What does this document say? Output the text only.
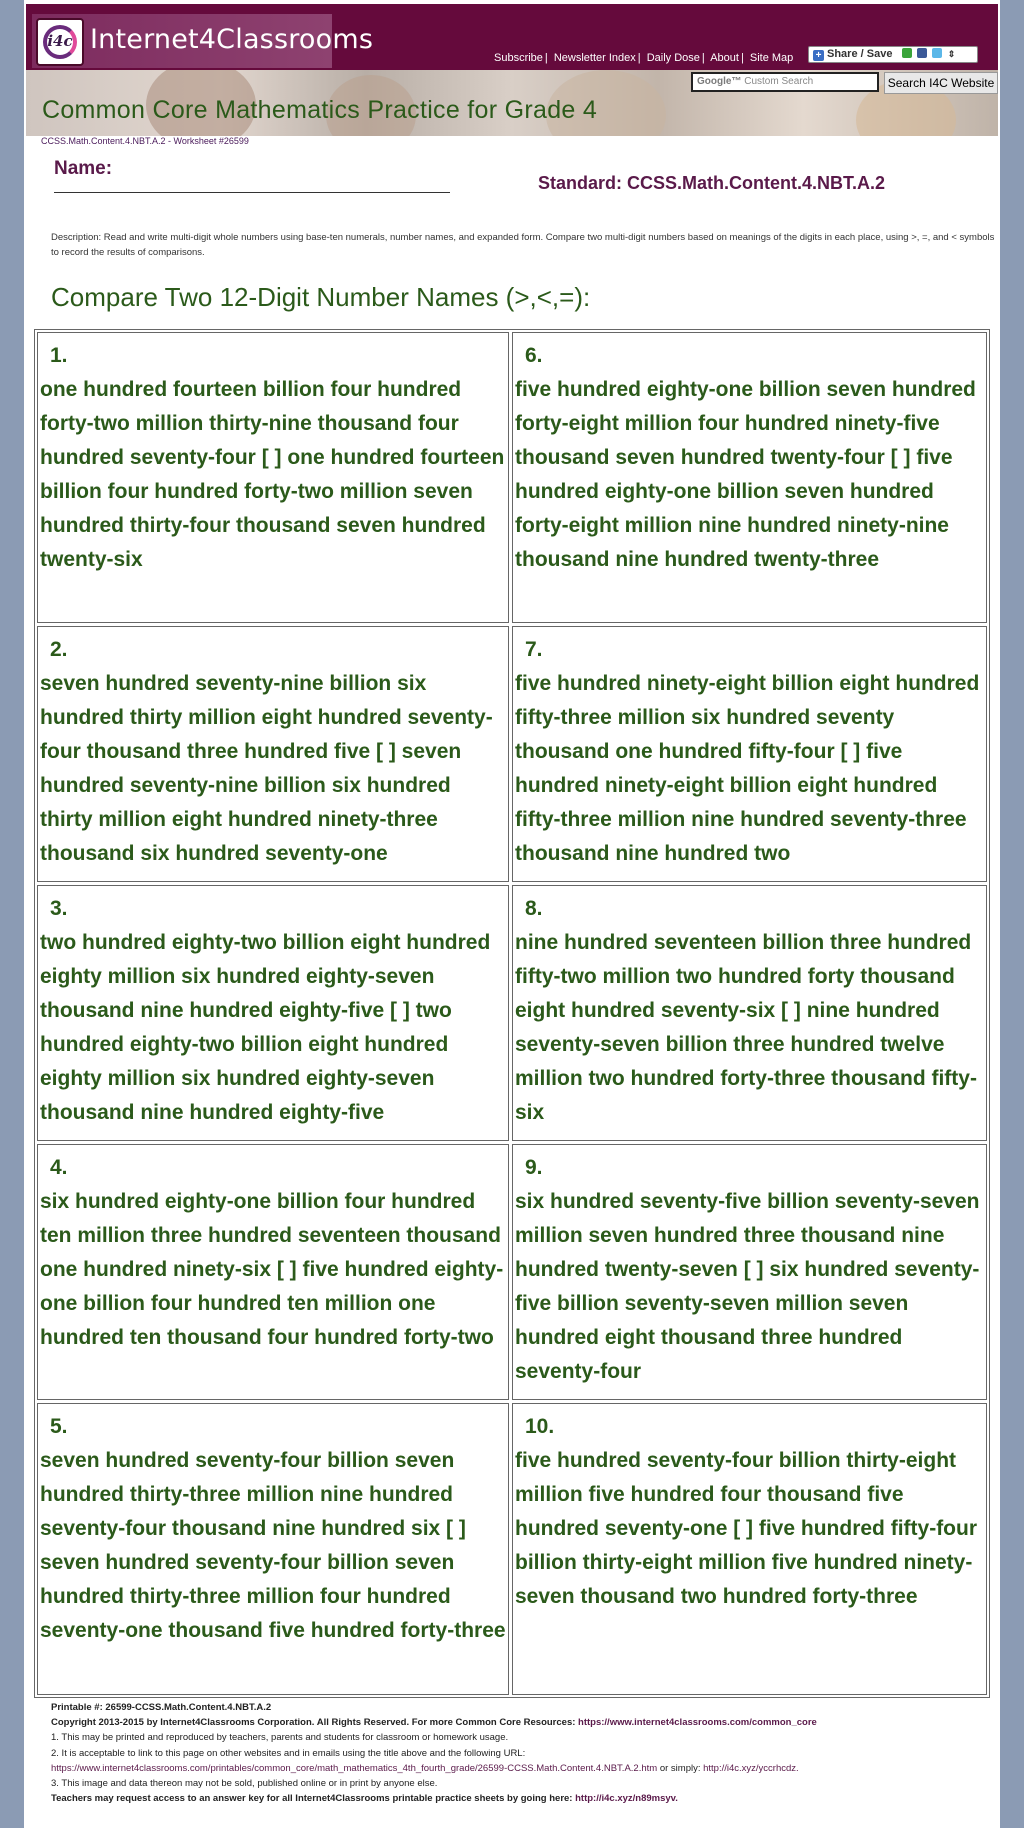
i4c Internet4Classrooms
Subscribe | Newsletter Index | Daily Dose | About | Site Map	+ Share / Save	⇕
Google™ Custom Search	Search I4C Website
Common Core Mathematics Practice for Grade 4
CCSS.Math.Content.4.NBT.A.2 - Worksheet #26599
Name:
Standard: CCSS.Math.Content.4.NBT.A.2
Description: Read and write multi-digit whole numbers using base-ten numerals, number names, and expanded form. Compare two multi-digit numbers based on meanings of the digits in each place, using >, =, and < symbols to record the results of comparisons.
Compare Two 12-Digit Number Names (>,<,=):
1.
one hundred fourteen billion four hundred forty-two million thirty-nine thousand four hundred seventy-four [ ] one hundred fourteen billion four hundred forty-two million seven hundred thirty-four thousand seven hundred twenty-six
2.
seven hundred seventy-nine billion six hundred thirty million eight hundred seventy-four thousand three hundred five [ ] seven hundred seventy-nine billion six hundred thirty million eight hundred ninety-three thousand six hundred seventy-one
3.
two hundred eighty-two billion eight hundred eighty million six hundred eighty-seven thousand nine hundred eighty-five [ ] two hundred eighty-two billion eight hundred eighty million six hundred eighty-seven thousand nine hundred eighty-five
4.
six hundred eighty-one billion four hundred ten million three hundred seventeen thousand one hundred ninety-six [ ] five hundred eighty-one billion four hundred ten million one hundred ten thousand four hundred forty-two
5.
seven hundred seventy-four billion seven hundred thirty-three million nine hundred seventy-four thousand nine hundred six [ ] seven hundred seventy-four billion seven hundred thirty-three million four hundred seventy-one thousand five hundred forty-three
6.
five hundred eighty-one billion seven hundred forty-eight million four hundred ninety-five thousand seven hundred twenty-four [ ] five hundred eighty-one billion seven hundred forty-eight million nine hundred ninety-nine thousand nine hundred twenty-three
7.
five hundred ninety-eight billion eight hundred fifty-three million six hundred seventy thousand one hundred fifty-four [ ] five hundred ninety-eight billion eight hundred fifty-three million nine hundred seventy-three thousand nine hundred two
8.
nine hundred seventeen billion three hundred fifty-two million two hundred forty thousand eight hundred seventy-six [ ] nine hundred seventy-seven billion three hundred twelve million two hundred forty-three thousand fifty-six
9.
six hundred seventy-five billion seventy-seven million seven hundred three thousand nine hundred twenty-seven [ ] six hundred seventy-five billion seventy-seven million seven hundred eight thousand three hundred seventy-four
10.
five hundred seventy-four billion thirty-eight million five hundred four thousand five hundred seventy-one [ ] five hundred fifty-four billion thirty-eight million five hundred ninety-seven thousand two hundred forty-three
Printable #: 26599-CCSS.Math.Content.4.NBT.A.2
Copyright 2013-2015 by Internet4Classrooms Corporation. All Rights Reserved. For more Common Core Resources: https://www.internet4classrooms.com/common_core
1. This may be printed and reproduced by teachers, parents and students for classroom or homework usage.
2. It is acceptable to link to this page on other websites and in emails using the title above and the following URL:
https://www.internet4classrooms.com/printables/common_core/math_mathematics_4th_fourth_grade/26599-CCSS.Math.Content.4.NBT.A.2.htm or simply: http://i4c.xyz/yccrhcdz.
3. This image and data thereon may not be sold, published online or in print by anyone else.
Teachers may request access to an answer key for all Internet4Classrooms printable practice sheets by going here: http://i4c.xyz/n89msyv.
